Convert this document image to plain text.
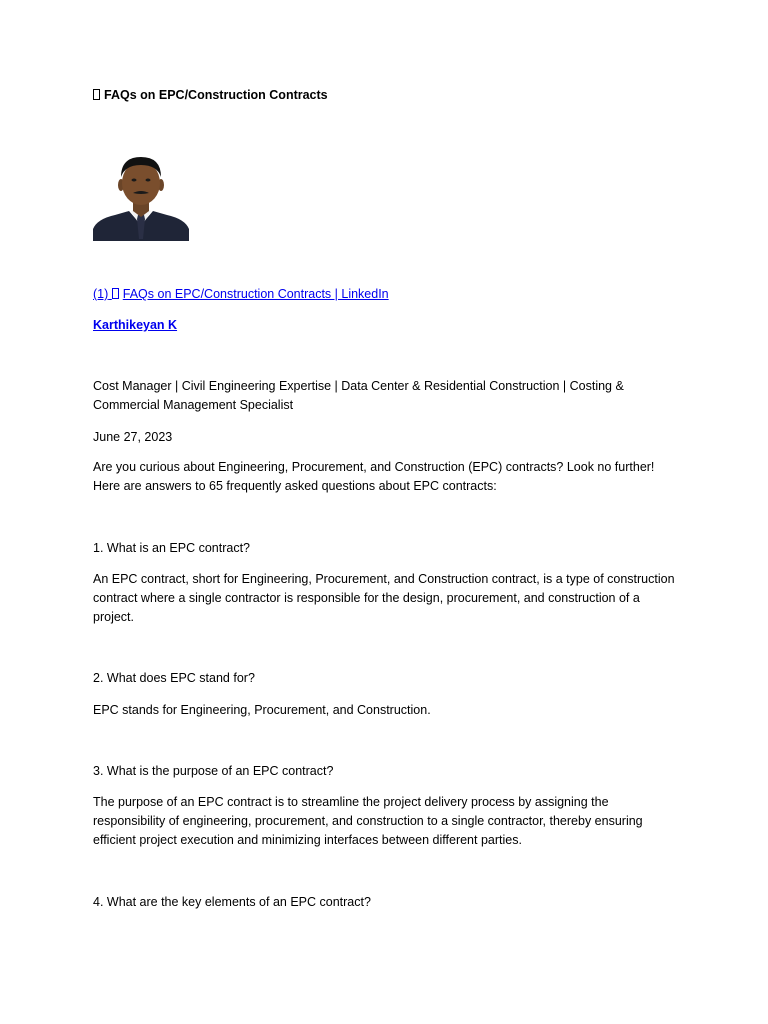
FAQs on EPC/Construction Contracts
(1) FAQs on EPC/Construction Contracts | LinkedIn
Karthikeyan K

Cost Manager | Civil Engineering Expertise | Data Center & Residential Construction | Costing & Commercial Management Specialist

June 27, 2023

Are you curious about Engineering, Procurement, and Construction (EPC) contracts? Look no further! Here are answers to 65 frequently asked questions about EPC contracts:

1. What is an EPC contract?

An EPC contract, short for Engineering, Procurement, and Construction contract, is a type of construction contract where a single contractor is responsible for the design, procurement, and construction of a project.

2. What does EPC stand for?

EPC stands for Engineering, Procurement, and Construction.

3. What is the purpose of an EPC contract?

The purpose of an EPC contract is to streamline the project delivery process by assigning the responsibility of engineering, procurement, and construction to a single contractor, thereby ensuring efficient project execution and minimizing interfaces between different parties.

4. What are the key elements of an EPC contract?
